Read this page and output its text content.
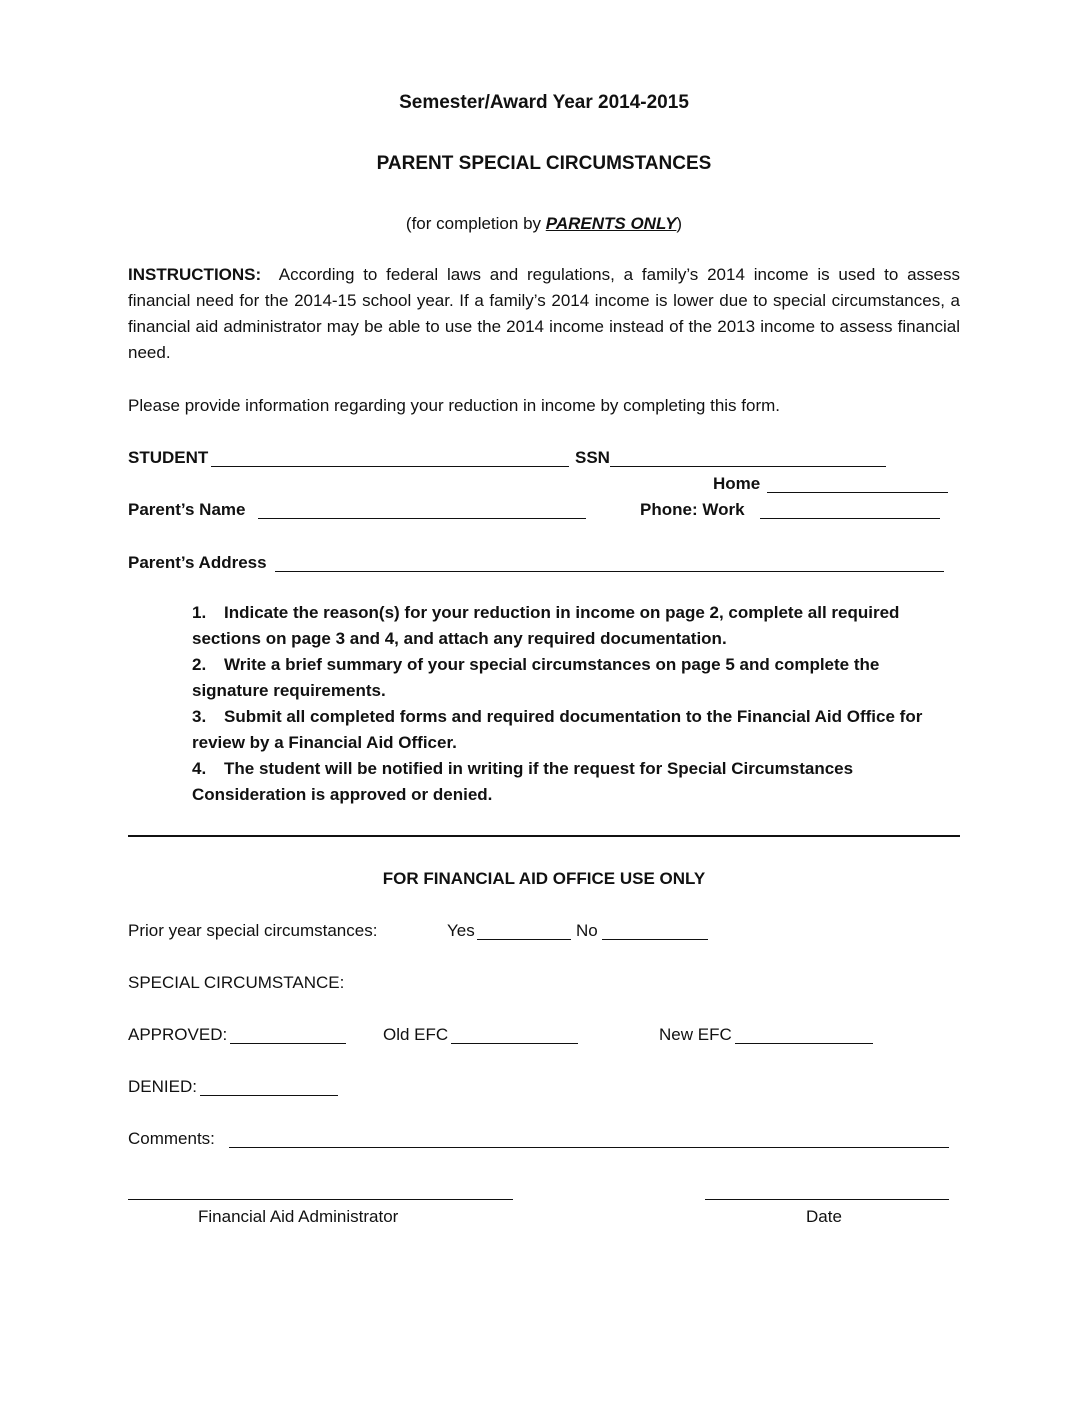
Semester/Award Year 2014-2015
PARENT SPECIAL CIRCUMSTANCES
(for completion by PARENTS ONLY)
INSTRUCTIONS: According to federal laws and regulations, a family’s 2014 income is used to assess financial need for the 2014-15 school year. If a family’s 2014 income is lower due to special circumstances, a financial aid administrator may be able to use the 2014 income instead of the 2013 income to assess financial need.
Please provide information regarding your reduction in income by completing this form.
STUDENT	SSN
Home
Parent’s Name	Phone: Work
Parent’s Address
1. Indicate the reason(s) for your reduction in income on page 2, complete all required sections on page 3 and 4, and attach any required documentation.
2. Write a brief summary of your special circumstances on page 5 and complete the signature requirements.
3. Submit all completed forms and required documentation to the Financial Aid Office for review by a Financial Aid Officer.
4. The student will be notified in writing if the request for Special Circumstances Consideration is approved or denied.
FOR FINANCIAL AID OFFICE USE ONLY
Prior year special circumstances:	Yes	No
SPECIAL CIRCUMSTANCE:
APPROVED:	Old EFC	New EFC
DENIED:
Comments:
Financial Aid Administrator	Date
